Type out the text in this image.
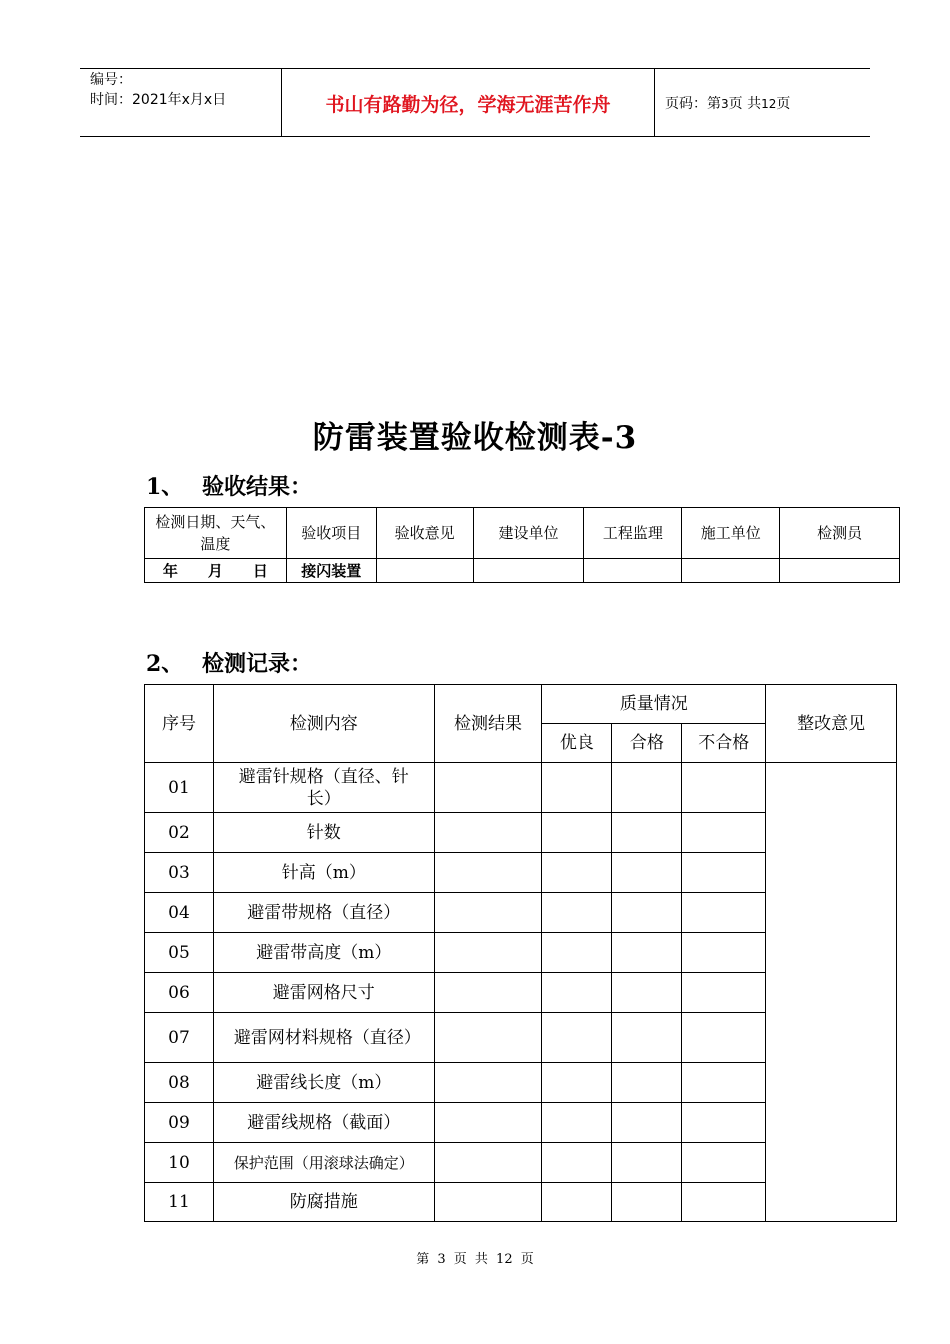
编号：
时间：2021年x月x日	书山有路勤为径，学海无涯苦作舟	页码：第3页 共12页
防雷装置验收检测表-3
1、 验收结果：
检测日期、天气、温度	验收项目	验收意见	建设单位	工程监理	施工单位	检测员
年　　月　　日	接闪装置					
2、 检测记录：
序号	检测内容	检测结果	质量情况			整改意见
			优良	合格	不合格	
01	避雷针规格（直径、针长）					
02	针数					
03	针高（m）					
04	避雷带规格（直径）					
05	避雷带高度（m）					
06	避雷网格尺寸					
07	避雷网材料规格（直径）					
08	避雷线长度（m）					
09	避雷线规格（截面）					
10	保护范围（用滚球法确定）					
11	防腐措施					
第 3 页 共 12 页
